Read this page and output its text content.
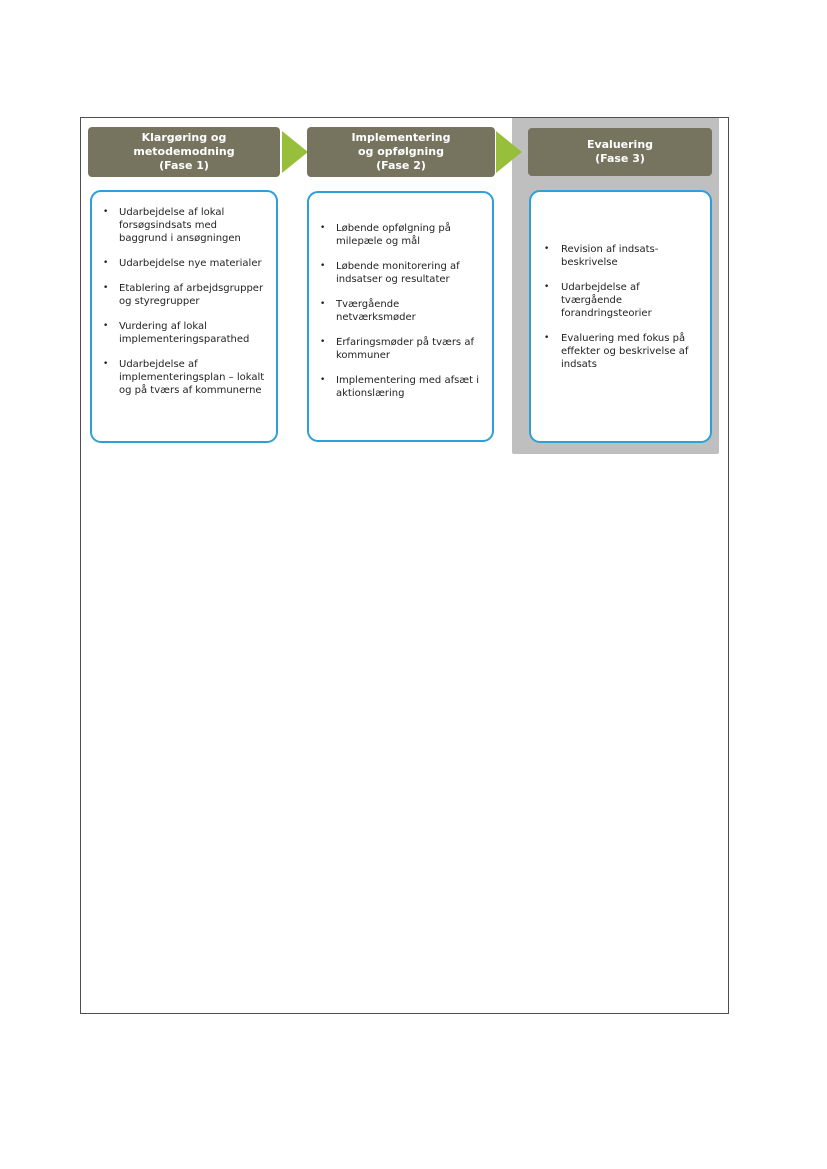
Klargøring og
metodemodning
(Fase 1)
Implementering
og opfølgning
(Fase 2)
Evaluering
(Fase 3)
• Udarbejdelse af lokal forsøgsindsats med baggrund i ansøgningen
• Udarbejdelse nye materialer
• Etablering af arbejdsgrupper og styregrupper
• Vurdering af lokal implementeringsparathed
• Udarbejdelse af implementeringsplan – lokalt og på tværs af kommunerne
• Løbende opfølgning på milepæle og mål
• Løbende monitorering af indsatser og resultater
• Tværgående netværksmøder
• Erfaringsmøder på tværs af kommuner
• Implementering med afsæt i aktionslæring
• Revision af indsats-beskrivelse
• Udarbejdelse af tværgående forandringsteorier
• Evaluering med fokus på effekter og beskrivelse af indsats
